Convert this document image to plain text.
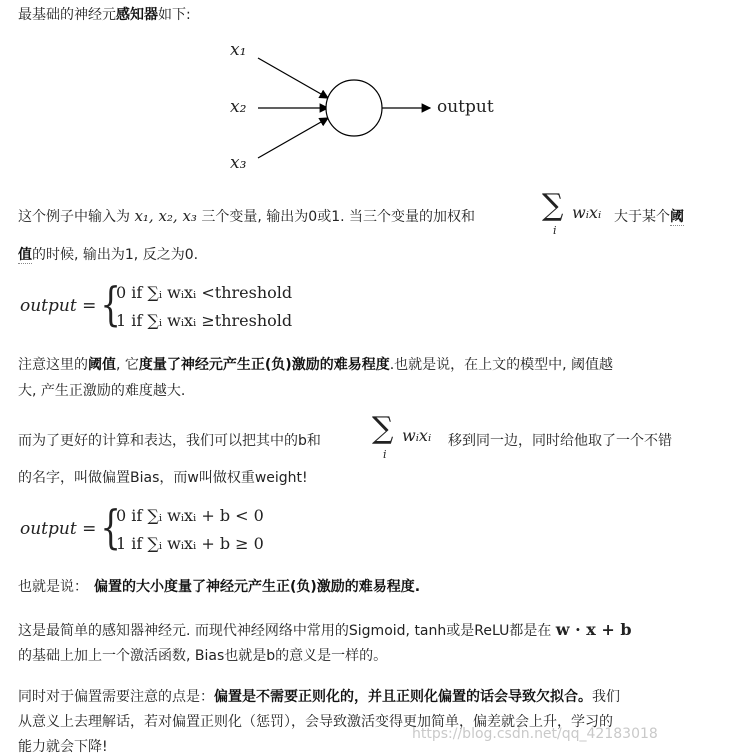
最基础的神经元感知器如下:
x₁
x₂
x₃
output
这个例子中输入为 x₁, x₂, x₃ 三个变量, 输出为0或1. 当三个变量的加权和 ∑
i
wᵢxᵢ 大于某个阈
值的时候, 输出为1, 反之为0.
output = {
0 if ∑ᵢ wᵢxᵢ <threshold
1 if ∑ᵢ wᵢxᵢ ≥threshold
注意这里的阈值, 它度量了神经元产生正(负)激励的难易程度.也就是说，在上文的模型中, 阈值越
大, 产生正激励的难度越大.
而为了更好的计算和表达，我们可以把其中的b和 ∑
i
wᵢxᵢ 移到同一边，同时给他取了一个不错
的名字，叫做偏置Bias，而w叫做权重weight!
output = {
0 if ∑ᵢ wᵢxᵢ + b < 0
1 if ∑ᵢ wᵢxᵢ + b ≥ 0
也就是说： 偏置的大小度量了神经元产生正(负)激励的难易程度.
这是最简单的感知器神经元. 而现代神经网络中常用的Sigmoid, tanh或是ReLU都是在 w · x + b
的基础上加上一个激活函数, Bias也就是b的意义是一样的。
同时对于偏置需要注意的点是：偏置是不需要正则化的，并且正则化偏置的话会导致欠拟合。我们
从意义上去理解话，若对偏置正则化（惩罚），会导致激活变得更加简单，偏差就会上升，学习的
能力就会下降!
https://blog.csdn.net/qq_42183018
